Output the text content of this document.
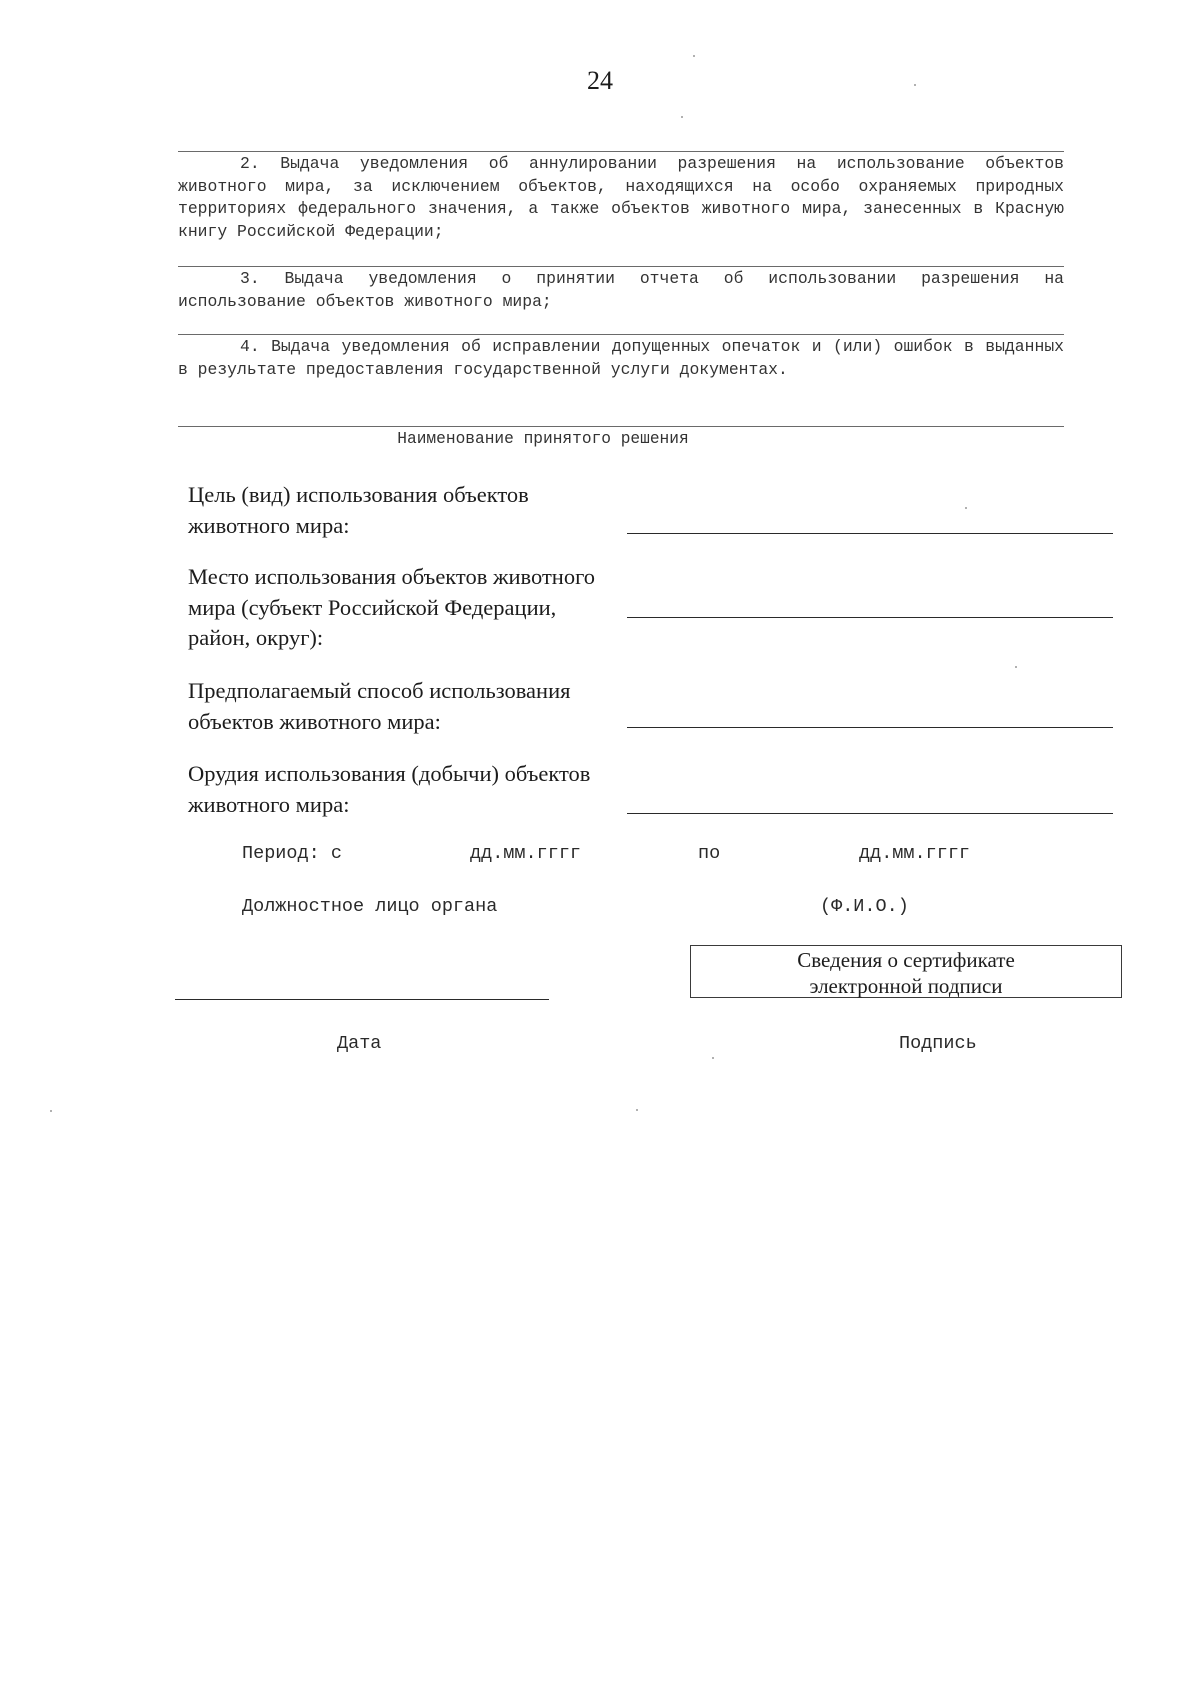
24

2. Выдача уведомления об аннулировании разрешения на использование объектов животного мира, за исключением объектов, находящихся на особо охраняемых природных территориях федерального значения, а также объектов животного мира, занесенных в Красную книгу Российской Федерации;

3. Выдача уведомления о принятии отчета об использовании разрешения на использование объектов животного мира;

4. Выдача уведомления об исправлении допущенных опечаток и (или) ошибок в выданных в результате предоставления государственной услуги документах.

Наименование принятого решения
Цель (вид) использования объектов животного мира:
Место использования объектов животного мира (субъект Российской Федерации, район, округ):
Предполагаемый способ использования объектов животного мира:
Орудия использования (добычи) объектов животного мира:
Период: с	дд.мм.гггг	по	дд.мм.гггг
Должностное лицо органа	(Ф.И.О.)
Сведения о сертификате
электронной подписи
Дата	Подпись
